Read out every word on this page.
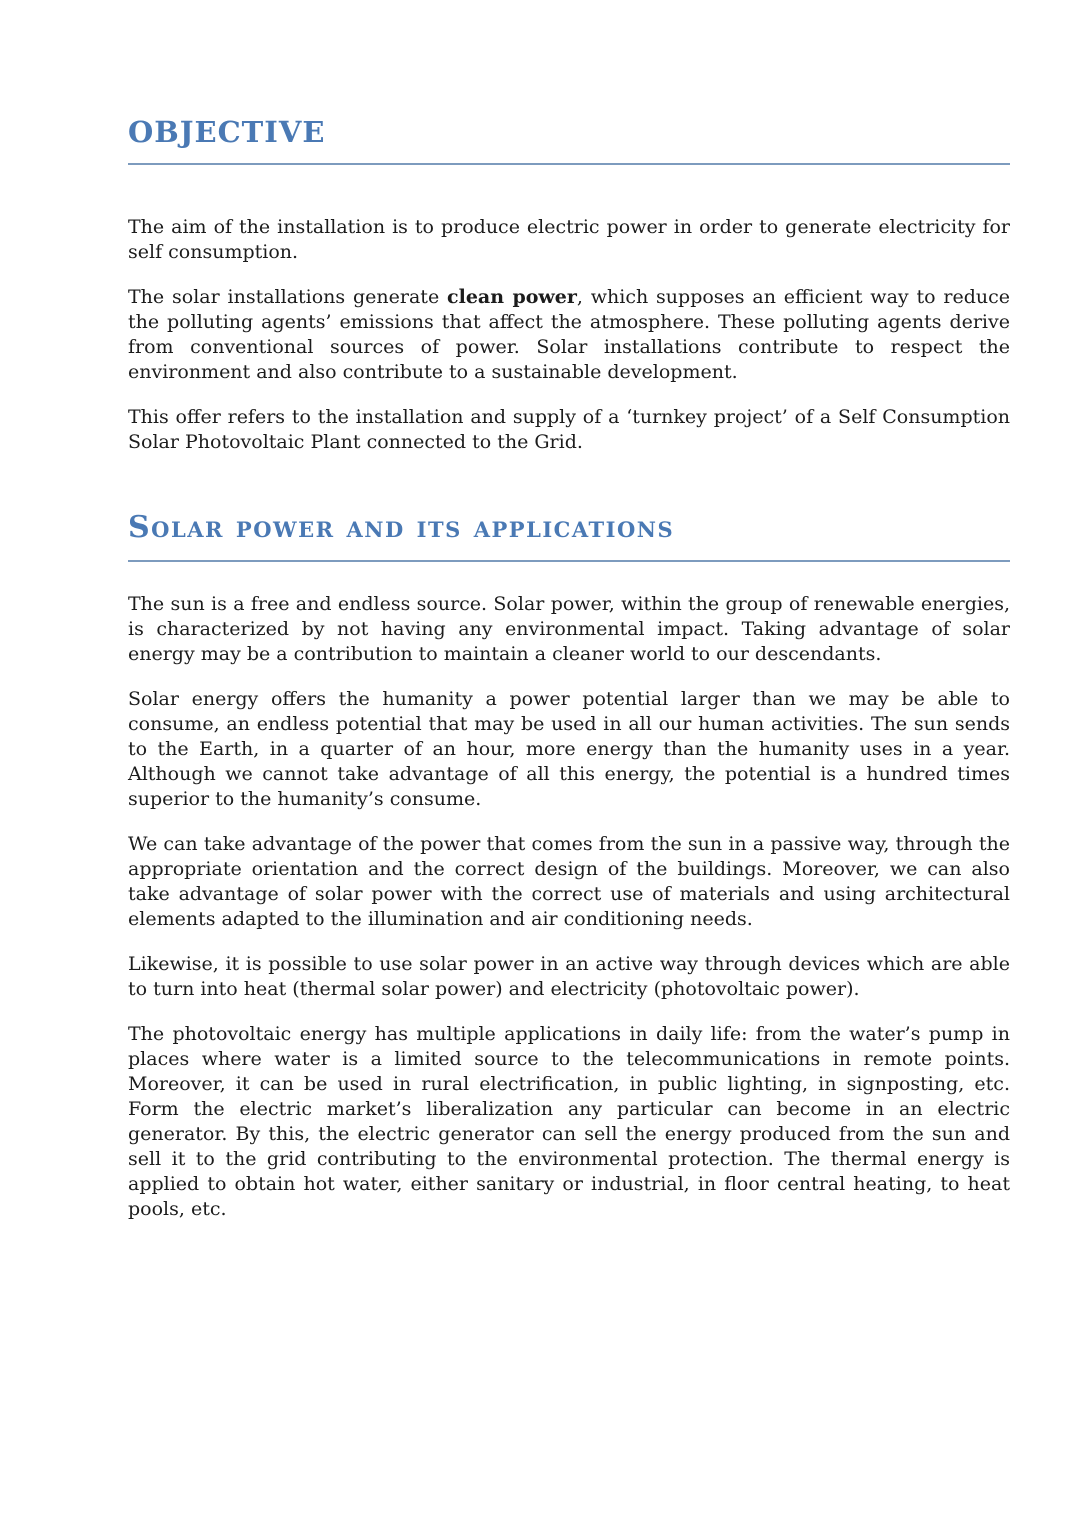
OBJECTIVE

The aim of the installation is to produce electric power in order to generate electricity for self consumption.

The solar installations generate clean power, which supposes an efficient way to reduce the polluting agents’ emissions that affect the atmosphere. These polluting agents derive from conventional sources of power. Solar installations contribute to respect the environment and also contribute to a sustainable development.

This offer refers to the installation and supply of a ‘turnkey project’ of a Self Consumption Solar Photovoltaic Plant connected to the Grid.

Solar power and its applications

The sun is a free and endless source. Solar power, within the group of renewable energies, is characterized by not having any environmental impact. Taking advantage of solar energy may be a contribution to maintain a cleaner world to our descendants.

Solar energy offers the humanity a power potential larger than we may be able to consume, an endless potential that may be used in all our human activities. The sun sends to the Earth, in a quarter of an hour, more energy than the humanity uses in a year. Although we cannot take advantage of all this energy, the potential is a hundred times superior to the humanity’s consume.

We can take advantage of the power that comes from the sun in a passive way, through the appropriate orientation and the correct design of the buildings. Moreover, we can also take advantage of solar power with the correct use of materials and using architectural elements adapted to the illumination and air conditioning needs.

Likewise, it is possible to use solar power in an active way through devices which are able to turn into heat (thermal solar power) and electricity (photovoltaic power).

The photovoltaic energy has multiple applications in daily life: from the water’s pump in places where water is a limited source to the telecommunications in remote points. Moreover, it can be used in rural electrification, in public lighting, in signposting, etc. Form the electric market’s liberalization any particular can become in an electric generator. By this, the electric generator can sell the energy produced from the sun and sell it to the grid contributing to the environmental protection. The thermal energy is applied to obtain hot water, either sanitary or industrial, in floor central heating, to heat pools, etc.
